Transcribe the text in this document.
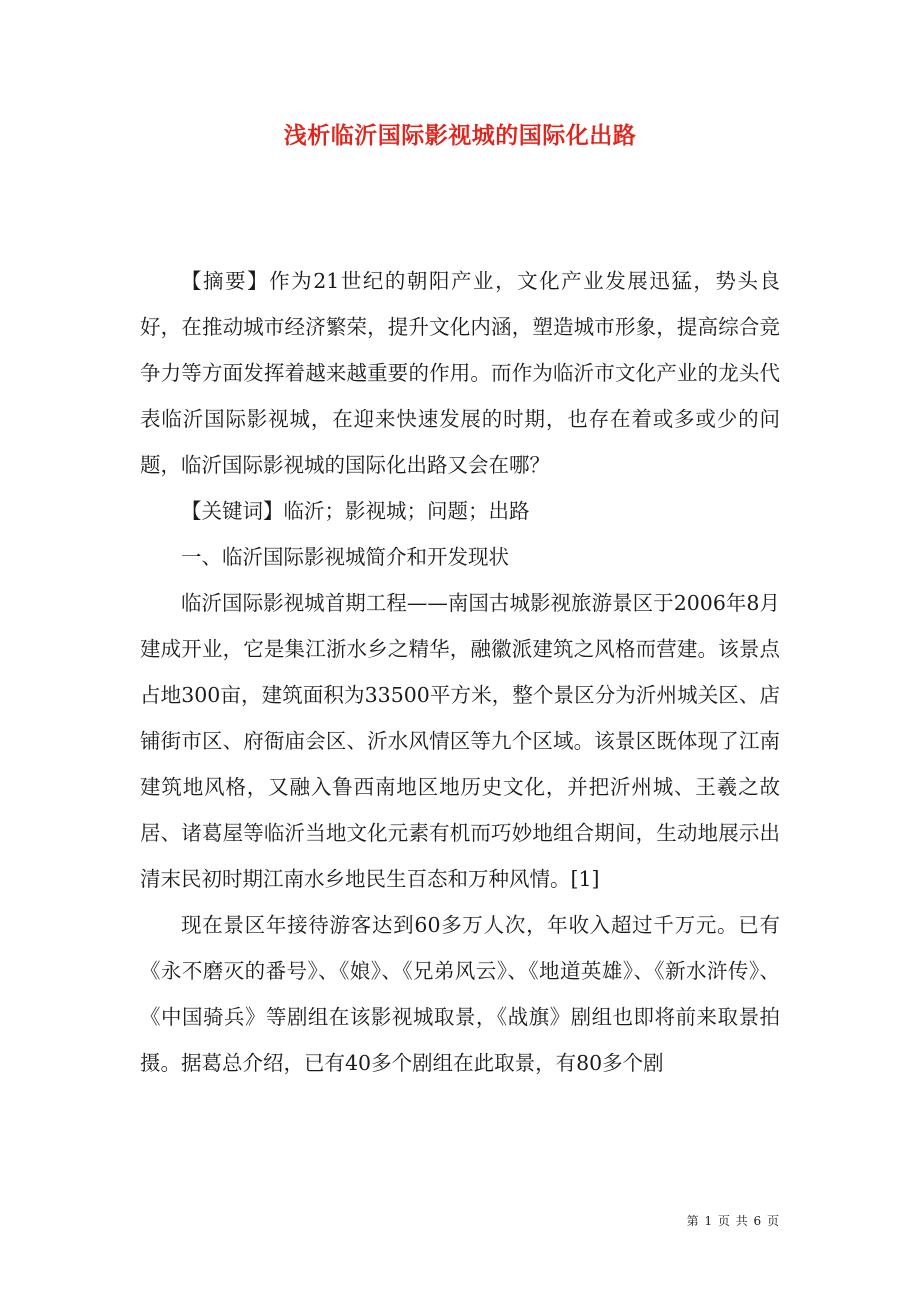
浅析临沂国际影视城的国际化出路

【摘要】作为21世纪的朝阳产业，文化产业发展迅猛，势头良好，在推动城市经济繁荣，提升文化内涵，塑造城市形象，提高综合竞争力等方面发挥着越来越重要的作用。而作为临沂市文化产业的龙头代表临沂国际影视城，在迎来快速发展的时期，也存在着或多或少的问题，临沂国际影视城的国际化出路又会在哪？

【关键词】临沂；影视城；问题；出路

一、临沂国际影视城简介和开发现状

临沂国际影视城首期工程——南国古城影视旅游景区于2006年8月建成开业，它是集江浙水乡之精华，融徽派建筑之风格而营建。该景点占地300亩，建筑面积为33500平方米，整个景区分为沂州城关区、店铺街市区、府衙庙会区、沂水风情区等九个区域。该景区既体现了江南建筑地风格，又融入鲁西南地区地历史文化，并把沂州城、王羲之故居、诸葛屋等临沂当地文化元素有机而巧妙地组合期间，生动地展示出清末民初时期江南水乡地民生百态和万种风情。[1]

现在景区年接待游客达到60多万人次，年收入超过千万元。已有《永不磨灭的番号》、《娘》、《兄弟风云》、《地道英雄》、《新水浒传》、《中国骑兵》等剧组在该影视城取景，《战旗》剧组也即将前来取景拍摄。据葛总介绍，已有40多个剧组在此取景，有80多个剧

第 1 页 共 6 页
